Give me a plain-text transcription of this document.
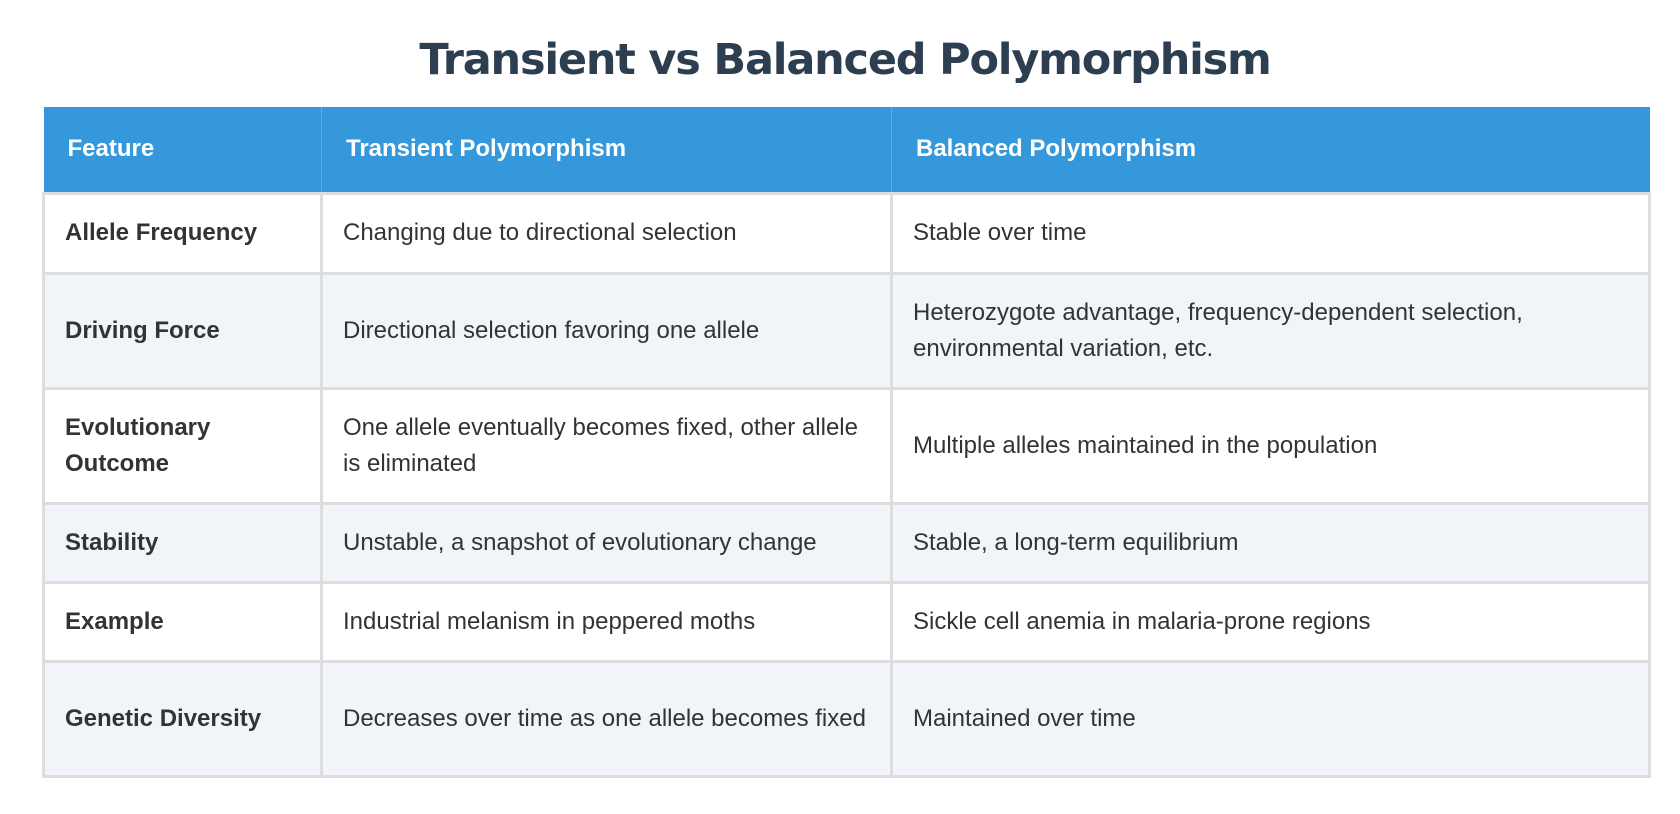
Transient vs Balanced Polymorphism
Feature	Transient Polymorphism	Balanced Polymorphism
Allele Frequency	Changing due to directional selection	Stable over time
Driving Force	Directional selection favoring one allele	Heterozygote advantage, frequency-dependent selection, environmental variation, etc.
Evolutionary Outcome	One allele eventually becomes fixed, other allele is eliminated	Multiple alleles maintained in the population
Stability	Unstable, a snapshot of evolutionary change	Stable, a long-term equilibrium
Example	Industrial melanism in peppered moths	Sickle cell anemia in malaria-prone regions
Genetic Diversity	Decreases over time as one allele becomes fixed	Maintained over time
